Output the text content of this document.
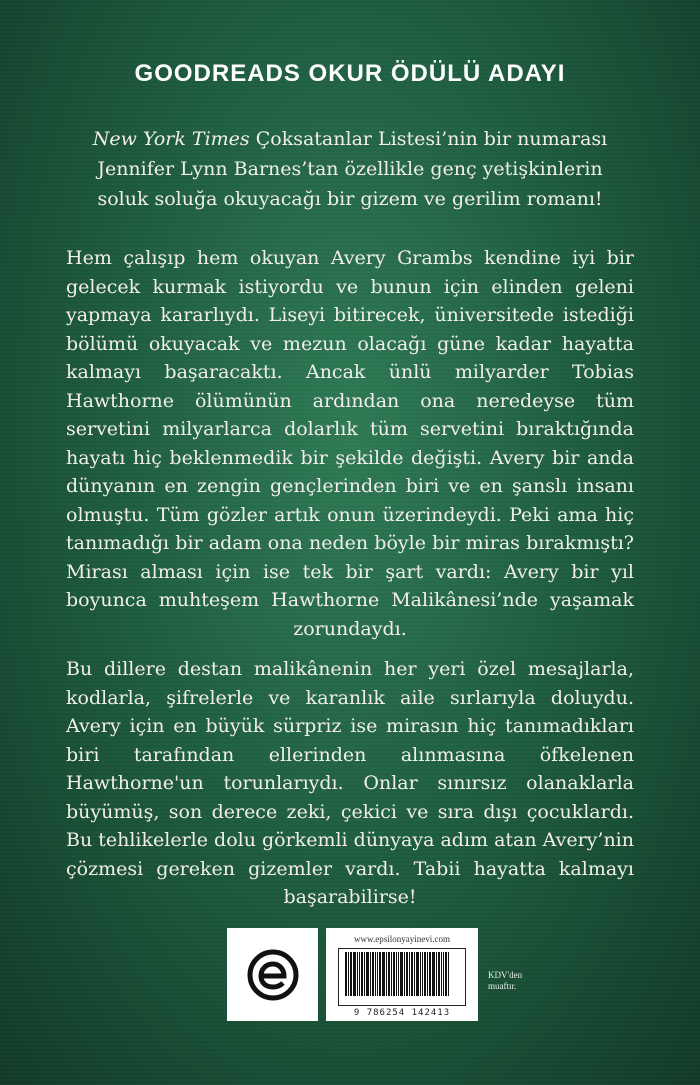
GOODREADS OKUR ÖDÜLÜ ADAYI

New York Times Çoksatanlar Listesi’nin bir numarası Jennifer Lynn Barnes’tan özellikle genç yetişkinlerin soluk soluğa okuyacağı bir gizem ve gerilim romanı!

Hem çalışıp hem okuyan Avery Grambs kendine iyi bir gelecek kurmak istiyordu ve bunun için elinden geleni yapmaya kararlıydı. Liseyi bitirecek, üniversitede istediği bölümü okuyacak ve mezun olacağı güne kadar hayatta kalmayı başaracaktı. Ancak ünlü milyarder Tobias Hawthorne ölümünün ardından ona neredeyse tüm servetini milyarlarca dolarlık tüm servetini bıraktığında hayatı hiç beklenmedik bir şekilde değişti. Avery bir anda dünyanın en zengin gençlerinden biri ve en şanslı insanı olmuştu. Tüm gözler artık onun üzerindeydi. Peki ama hiç tanımadığı bir adam ona neden böyle bir miras bırakmıştı? Mirası alması için ise tek bir şart vardı: Avery bir yıl boyunca muhteşem Hawthorne Malikânesi’nde yaşamak zorundaydı.

Bu dillere destan malikânenin her yeri özel mesajlarla, kodlarla, şifrelerle ve karanlık aile sırlarıyla doluydu. Avery için en büyük sürpriz ise mirasın hiç tanımadıkları biri tarafından ellerinden alınmasına öfkelenen Hawthorne'un torunlarıydı. Onlar sınırsız olanaklarla büyümüş, son derece zeki, çekici ve sıra dışı çocuklardı. Bu tehlikelerle dolu görkemli dünyaya adım atan Avery’nin çözmesi gereken gizemler vardı. Tabii hayatta kalmayı başarabilirse!

www.epsilonyayinevi.com
9 786254 142413
KDV'den
muaftır.
